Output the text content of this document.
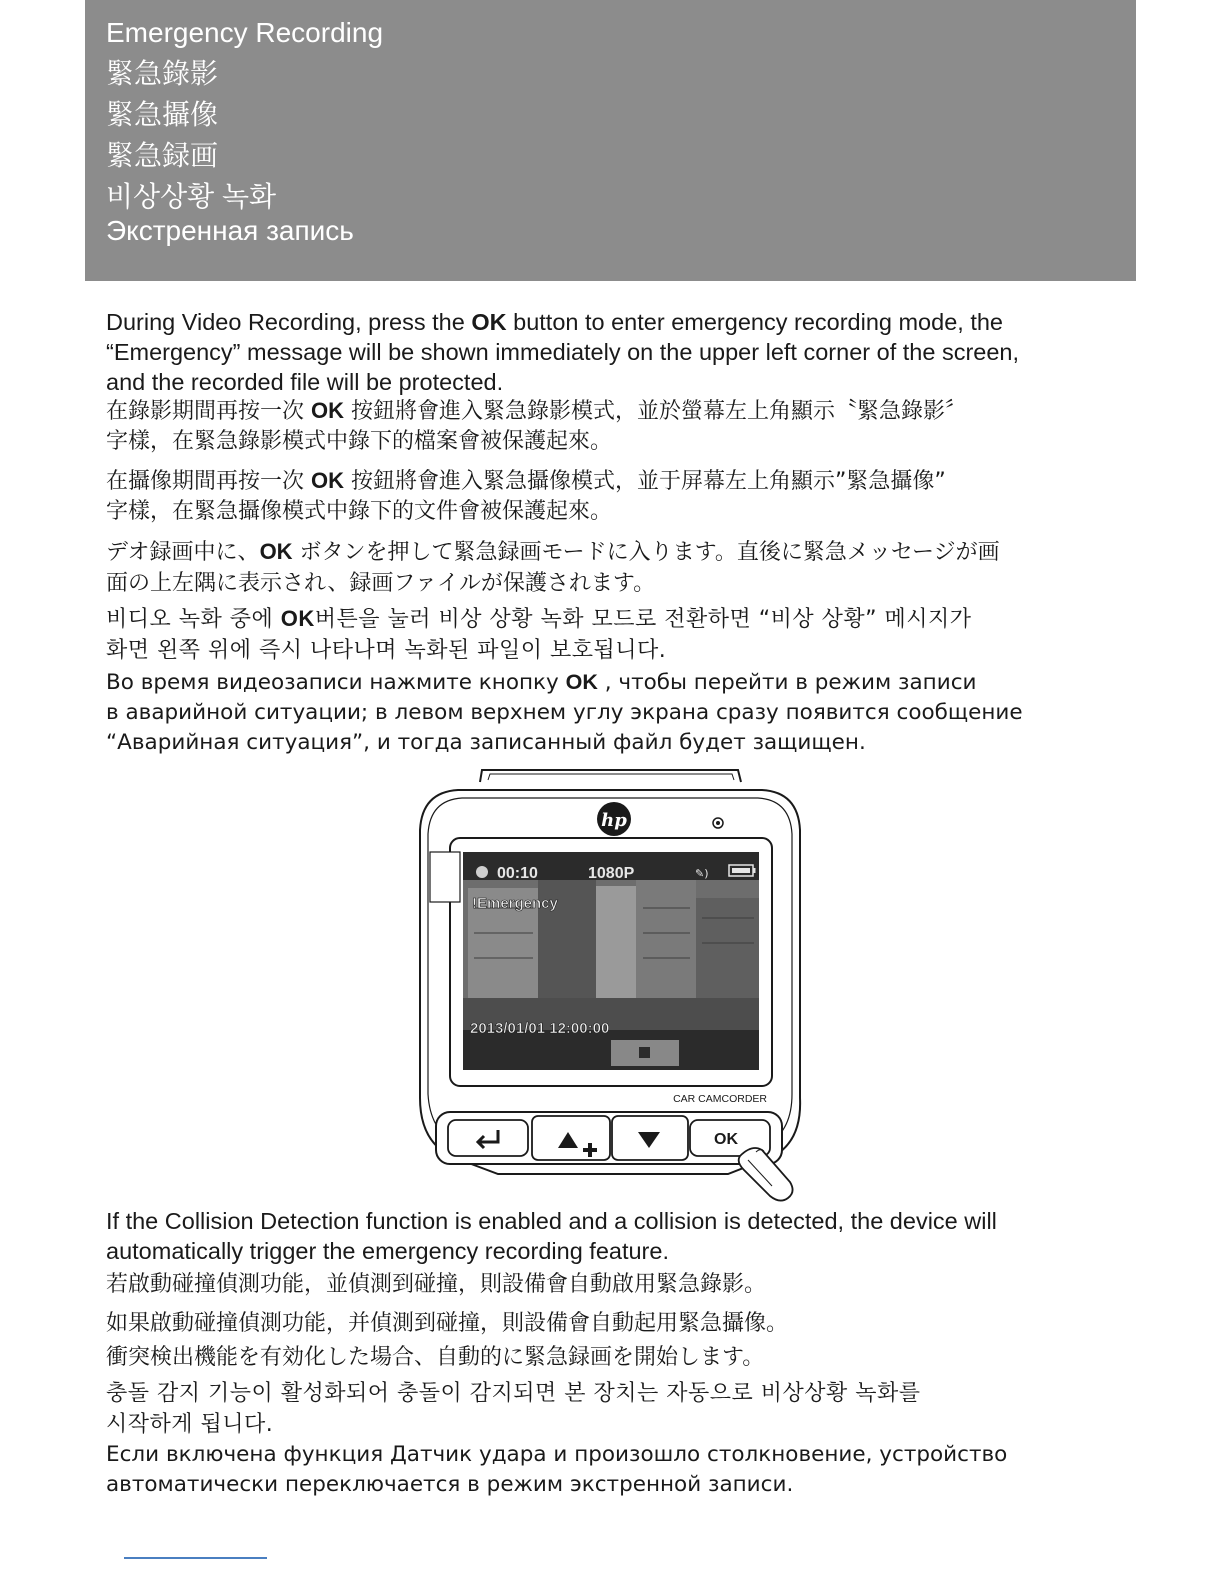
Emergency Recording
緊急錄影
緊急攝像
緊急録画
비상상황 녹화
Экстренная запись

During Video Recording, press the OK button to enter emergency recording mode, the

“Emergency” message will be shown immediately on the upper left corner of the screen,

and the recorded file will be protected.

在錄影期間再按一次 OK 按鈕將會進入緊急錄影模式，並於螢幕左上角顯示〝緊急錄影〞

字樣，在緊急錄影模式中錄下的檔案會被保護起來。

在攝像期間再按一次 OK 按鈕將會進入緊急攝像模式，並于屏幕左上角顯示”緊急攝像”

字樣，在緊急攝像模式中錄下的文件會被保護起來。

デオ録画中に、OK ボタンを押して緊急録画モードに入ります。直後に緊急メッセージが画

面の上左隅に表示され、録画ファイルが保護されます。

비디오 녹화 중에 OK버튼을 눌러 비상 상황 녹화 모드로 전환하면 “비상 상황” 메시지가

화면 왼쪽 위에 즉시 나타나며 녹화된 파일이 보호됩니다.

Во время видеозаписи нажмите кнопку OK , чтобы перейти в режим записи

в аварийной ситуации; в левом верхнем углу экрана сразу появится сообщение

“Аварийная ситуация”, и тогда записанный файл будет защищен.

hp
00:10	1080P	✎)
!Emergency
2013/01/01 12:00:00
CAR CAMCORDER
OK

If the Collision Detection function is enabled and a collision is detected, the device will

automatically trigger the emergency recording feature.

若啟動碰撞偵測功能，並偵測到碰撞，則設備會自動啟用緊急錄影。

如果啟動碰撞偵測功能，并偵測到碰撞，則設備會自動起用緊急攝像。

衝突検出機能を有効化した場合、自動的に緊急録画を開始します。

충돌 감지 기능이 활성화되어 충돌이 감지되면 본 장치는 자동으로 비상상황 녹화를

시작하게 됩니다.

Если включена функция Датчик удара и произошло столкновение, устройство

автоматически переключается в режим экстренной записи.
